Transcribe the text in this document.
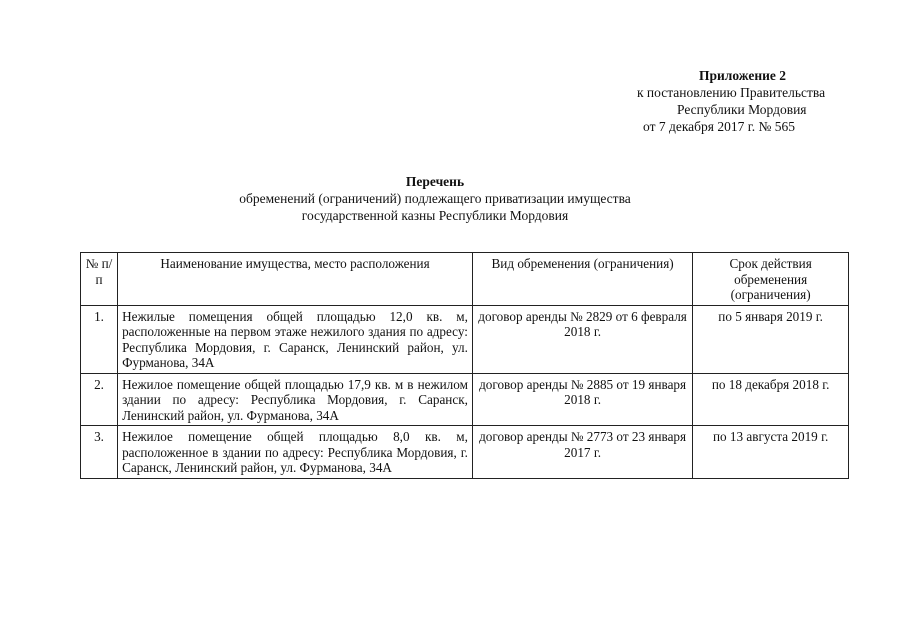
Приложение 2
к постановлению Правительства
Республики Мордовия
от 7 декабря 2017 г. № 565
Перечень
обременений (ограничений) подлежащего приватизации имущества
государственной казны Республики Мордовия
№ п/п	Наименование имущества, место расположения	Вид обременения (ограничения)	Срок действия обременения (ограничения)
1.	Нежилые помещения общей площадью 12,0 кв. м, расположенные на первом этаже нежилого здания по адресу: Республика Мордовия, г. Саранск, Ленинский район, ул. Фурманова, 34А	договор аренды № 2829 от 6 февраля 2018 г.	по 5 января 2019 г.
2.	Нежилое помещение общей площадью 17,9 кв. м в нежилом здании по адресу: Республика Мордовия, г. Саранск, Ленинский район, ул. Фурманова, 34А	договор аренды № 2885 от 19 января 2018 г.	по 18 декабря 2018 г.
3.	Нежилое помещение общей площадью 8,0 кв. м, расположенное в здании по адресу: Республика Мордовия, г. Саранск, Ленинский район, ул. Фурманова, 34А	договор аренды № 2773 от 23 января 2017 г.	по 13 августа 2019 г.
